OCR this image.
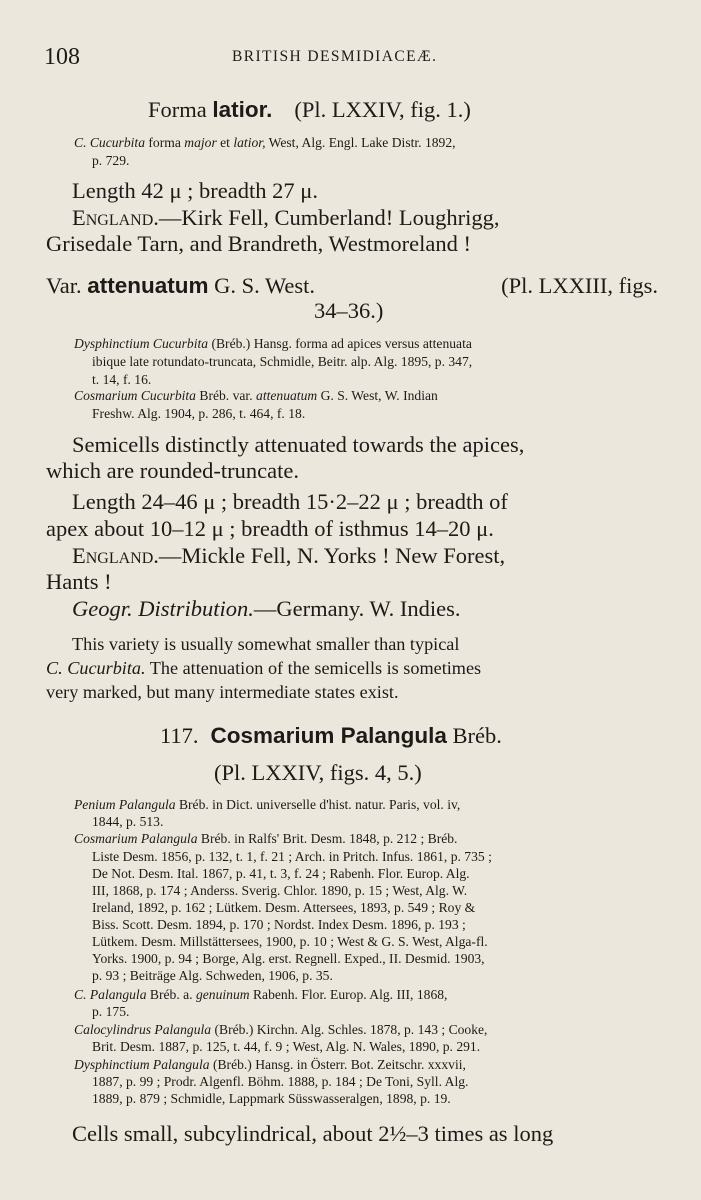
108	BRITISH DESMIDIACEÆ.
Forma latior. (Pl. LXXIV, fig. 1.)
C. Cucurbita forma major et latior, West, Alg. Engl. Lake Distr. 1892,
p. 729.
Length 42 μ ; breadth 27 μ.
England.—Kirk Fell, Cumberland! Loughrigg,
Grisedale Tarn, and Brandreth, Westmoreland !
Var. attenuatum G. S. West.	(Pl. LXXIII, figs.
34–36.)
Dysphinctium Cucurbita (Bréb.) Hansg. forma ad apices versus attenuata
ibique late rotundato-truncata, Schmidle, Beitr. alp. Alg. 1895, p. 347,
t. 14, f. 16.
Cosmarium Cucurbita Bréb. var. attenuatum G. S. West, W. Indian
Freshw. Alg. 1904, p. 286, t. 464, f. 18.
Semicells distinctly attenuated towards the apices,
which are rounded-truncate.
Length 24–46 μ ; breadth 15·2–22 μ ; breadth of
apex about 10–12 μ ; breadth of isthmus 14–20 μ.
England.—Mickle Fell, N. Yorks ! New Forest,
Hants !
Geogr. Distribution.—Germany. W. Indies.
This variety is usually somewhat smaller than typical
C. Cucurbita. The attenuation of the semicells is sometimes
very marked, but many intermediate states exist.
117. Cosmarium Palangula Bréb.
(Pl. LXXIV, figs. 4, 5.)
Penium Palangula Bréb. in Dict. universelle d'hist. natur. Paris, vol. iv,
1844, p. 513.
Cosmarium Palangula Bréb. in Ralfs' Brit. Desm. 1848, p. 212 ; Bréb.
Liste Desm. 1856, p. 132, t. 1, f. 21 ; Arch. in Pritch. Infus. 1861, p. 735 ;
De Not. Desm. Ital. 1867, p. 41, t. 3, f. 24 ; Rabenh. Flor. Europ. Alg.
III, 1868, p. 174 ; Anderss. Sverig. Chlor. 1890, p. 15 ; West, Alg. W.
Ireland, 1892, p. 162 ; Lütkem. Desm. Attersees, 1893, p. 549 ; Roy &
Biss. Scott. Desm. 1894, p. 170 ; Nordst. Index Desm. 1896, p. 193 ;
Lütkem. Desm. Millstättersees, 1900, p. 10 ; West & G. S. West, Alga-fl.
Yorks. 1900, p. 94 ; Borge, Alg. erst. Regnell. Exped., II. Desmid. 1903,
p. 93 ; Beiträge Alg. Schweden, 1906, p. 35.
C. Palangula Bréb. a. genuinum Rabenh. Flor. Europ. Alg. III, 1868,
p. 175.
Calocylindrus Palangula (Bréb.) Kirchn. Alg. Schles. 1878, p. 143 ; Cooke,
Brit. Desm. 1887, p. 125, t. 44, f. 9 ; West, Alg. N. Wales, 1890, p. 291.
Dysphinctium Palangula (Bréb.) Hansg. in Österr. Bot. Zeitschr. xxxvii,
1887, p. 99 ; Prodr. Algenfl. Böhm. 1888, p. 184 ; De Toni, Syll. Alg.
1889, p. 879 ; Schmidle, Lappmark Süsswasseralgen, 1898, p. 19.
Cells small, subcylindrical, about 2½–3 times as long
